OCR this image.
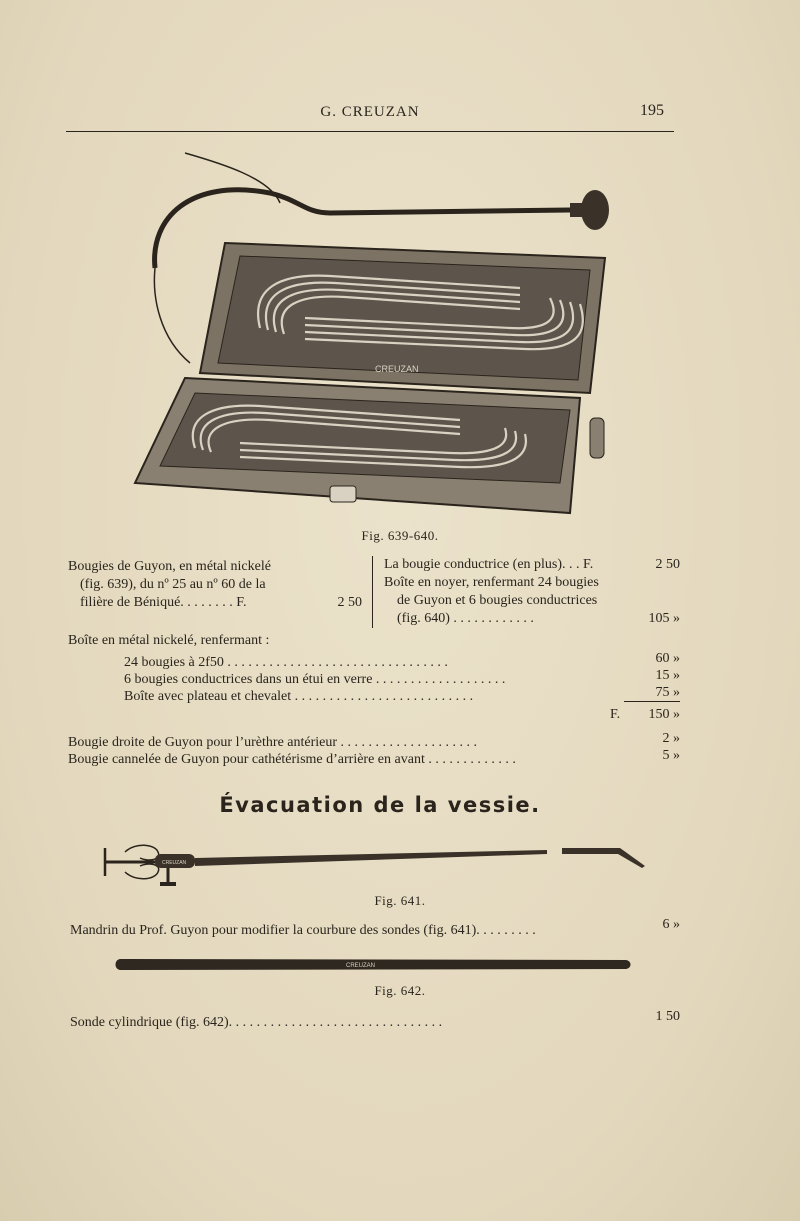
G. CREUZAN	195
CREUZAN
Fig. 639-640.
Bougies de Guyon, en métal nickelé
(fig. 639), du nº 25 au nº 60 de la
filière de Béniqué. . . . . . . . F.	2 50
La bougie conductrice (en plus). . . F.	2 50
Boîte en noyer, renfermant 24 bougies
de Guyon et 6 bougies conductrices
(fig. 640) . . . . . . . . . . . .	105 »
Boîte en métal nickelé, renfermant :
24 bougies à 2f50 . . . . . . . . . . . . . . . . . . . . . . . . . . . . . . . .	60 »
6 bougies conductrices dans un étui en verre . . . . . . . . . . . . . . . . . . .	15 »
Boîte avec plateau et chevalet . . . . . . . . . . . . . . . . . . . . . . . . . .	75 »
F.	150 »
Bougie droite de Guyon pour l’urèthre antérieur . . . . . . . . . . . . . . . . . . . .	2 »
Bougie cannelée de Guyon pour cathétérisme d’arrière en avant . . . . . . . . . . . . .	5 »
Évacuation de la vessie.
CREUZAN
Fig. 641.
Mandrin du Prof. Guyon pour modifier la courbure des sondes (fig. 641). . . . . . . . .	6 »
CREUZAN
Fig. 642.
Sonde cylindrique (fig. 642). . . . . . . . . . . . . . . . . . . . . . . . . . . . . . .	1 50
